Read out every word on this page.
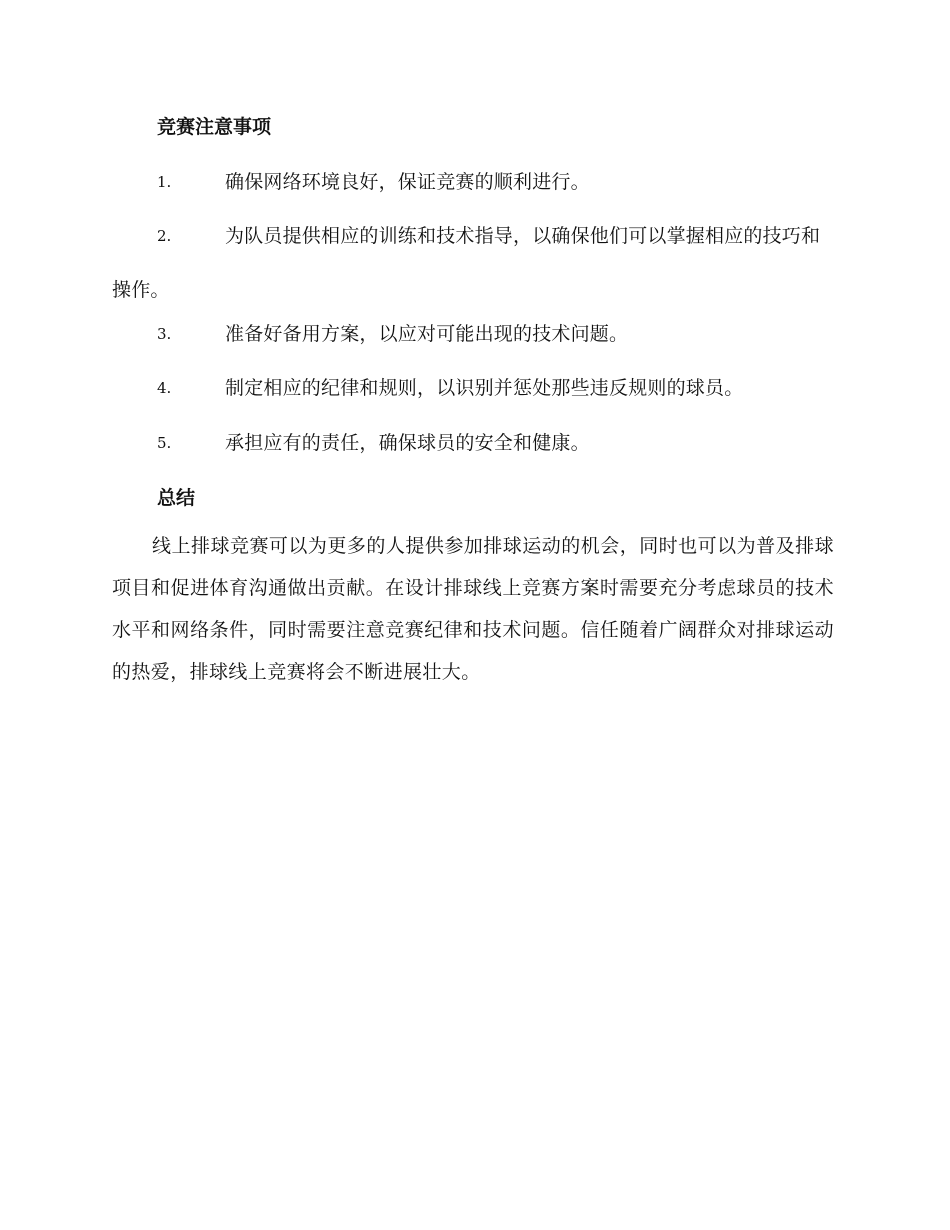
竞赛注意事项
1.	确保网络环境良好，保证竞赛的顺利进行。
2.	为队员提供相应的训练和技术指导，以确保他们可以掌握相应的技巧和操作。
3.	准备好备用方案，以应对可能出现的技术问题。
4.	制定相应的纪律和规则，以识别并惩处那些违反规则的球员。
5.	承担应有的责任，确保球员的安全和健康。
总结

线上排球竞赛可以为更多的人提供参加排球运动的机会，同时也可以为普及排球项目和促进体育沟通做出贡献。在设计排球线上竞赛方案时需要充分考虑球员的技术水平和网络条件，同时需要注意竞赛纪律和技术问题。信任随着广阔群众对排球运动的热爱，排球线上竞赛将会不断进展壮大。
